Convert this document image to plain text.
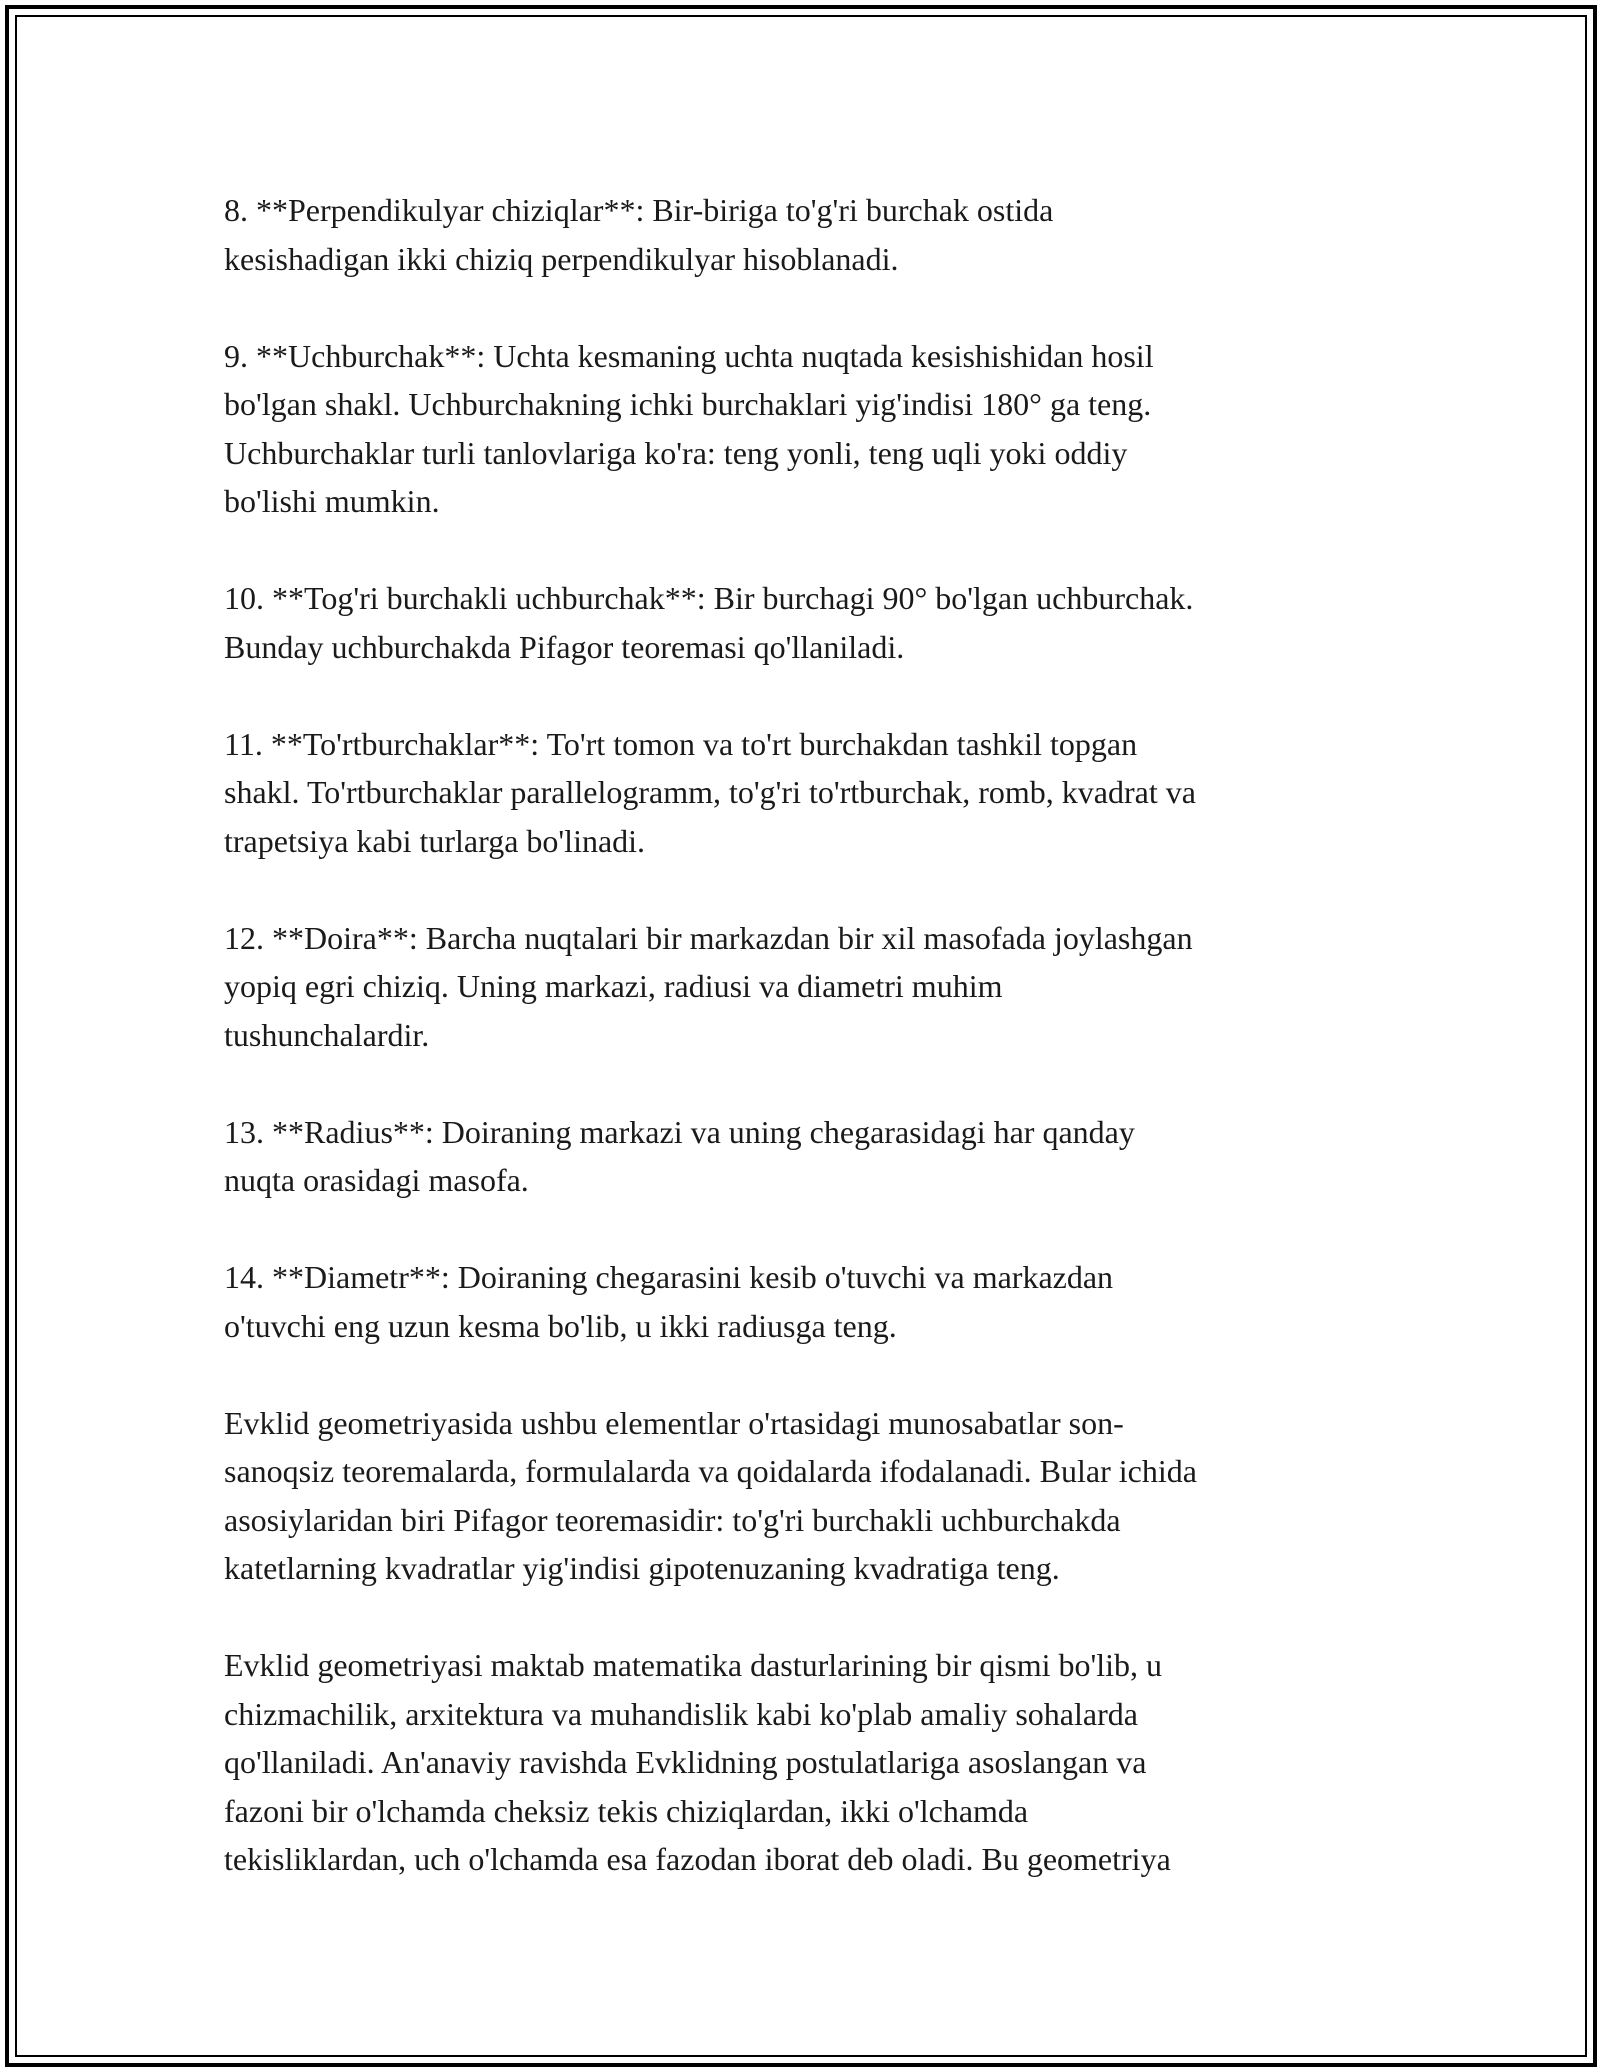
8. **Perpendikulyar chiziqlar**: Bir-biriga to'g'ri burchak ostida
kesishadigan ikki chiziq perpendikulyar hisoblanadi.

9. **Uchburchak**: Uchta kesmaning uchta nuqtada kesishishidan hosil
bo'lgan shakl. Uchburchakning ichki burchaklari yig'indisi 180° ga teng.
Uchburchaklar turli tanlovlariga ko'ra: teng yonli, teng uqli yoki oddiy
bo'lishi mumkin.

10. **Tog'ri burchakli uchburchak**: Bir burchagi 90° bo'lgan uchburchak.
Bunday uchburchakda Pifagor teoremasi qo'llaniladi.

11. **To'rtburchaklar**: To'rt tomon va to'rt burchakdan tashkil topgan
shakl. To'rtburchaklar parallelogramm, to'g'ri to'rtburchak, romb, kvadrat va
trapetsiya kabi turlarga bo'linadi.

12. **Doira**: Barcha nuqtalari bir markazdan bir xil masofada joylashgan
yopiq egri chiziq. Uning markazi, radiusi va diametri muhim
tushunchalardir.

13. **Radius**: Doiraning markazi va uning chegarasidagi har qanday
nuqta orasidagi masofa.

14. **Diametr**: Doiraning chegarasini kesib o'tuvchi va markazdan
o'tuvchi eng uzun kesma bo'lib, u ikki radiusga teng.

Evklid geometriyasida ushbu elementlar o'rtasidagi munosabatlar son-
sanoqsiz teoremalarda, formulalarda va qoidalarda ifodalanadi. Bular ichida
asosiylaridan biri Pifagor teoremasidir: to'g'ri burchakli uchburchakda
katetlarning kvadratlar yig'indisi gipotenuzaning kvadratiga teng.

Evklid geometriyasi maktab matematika dasturlarining bir qismi bo'lib, u
chizmachilik, arxitektura va muhandislik kabi ko'plab amaliy sohalarda
qo'llaniladi. An'anaviy ravishda Evklidning postulatlariga asoslangan va
fazoni bir o'lchamda cheksiz tekis chiziqlardan, ikki o'lchamda
tekisliklardan, uch o'lchamda esa fazodan iborat deb oladi. Bu geometriya
